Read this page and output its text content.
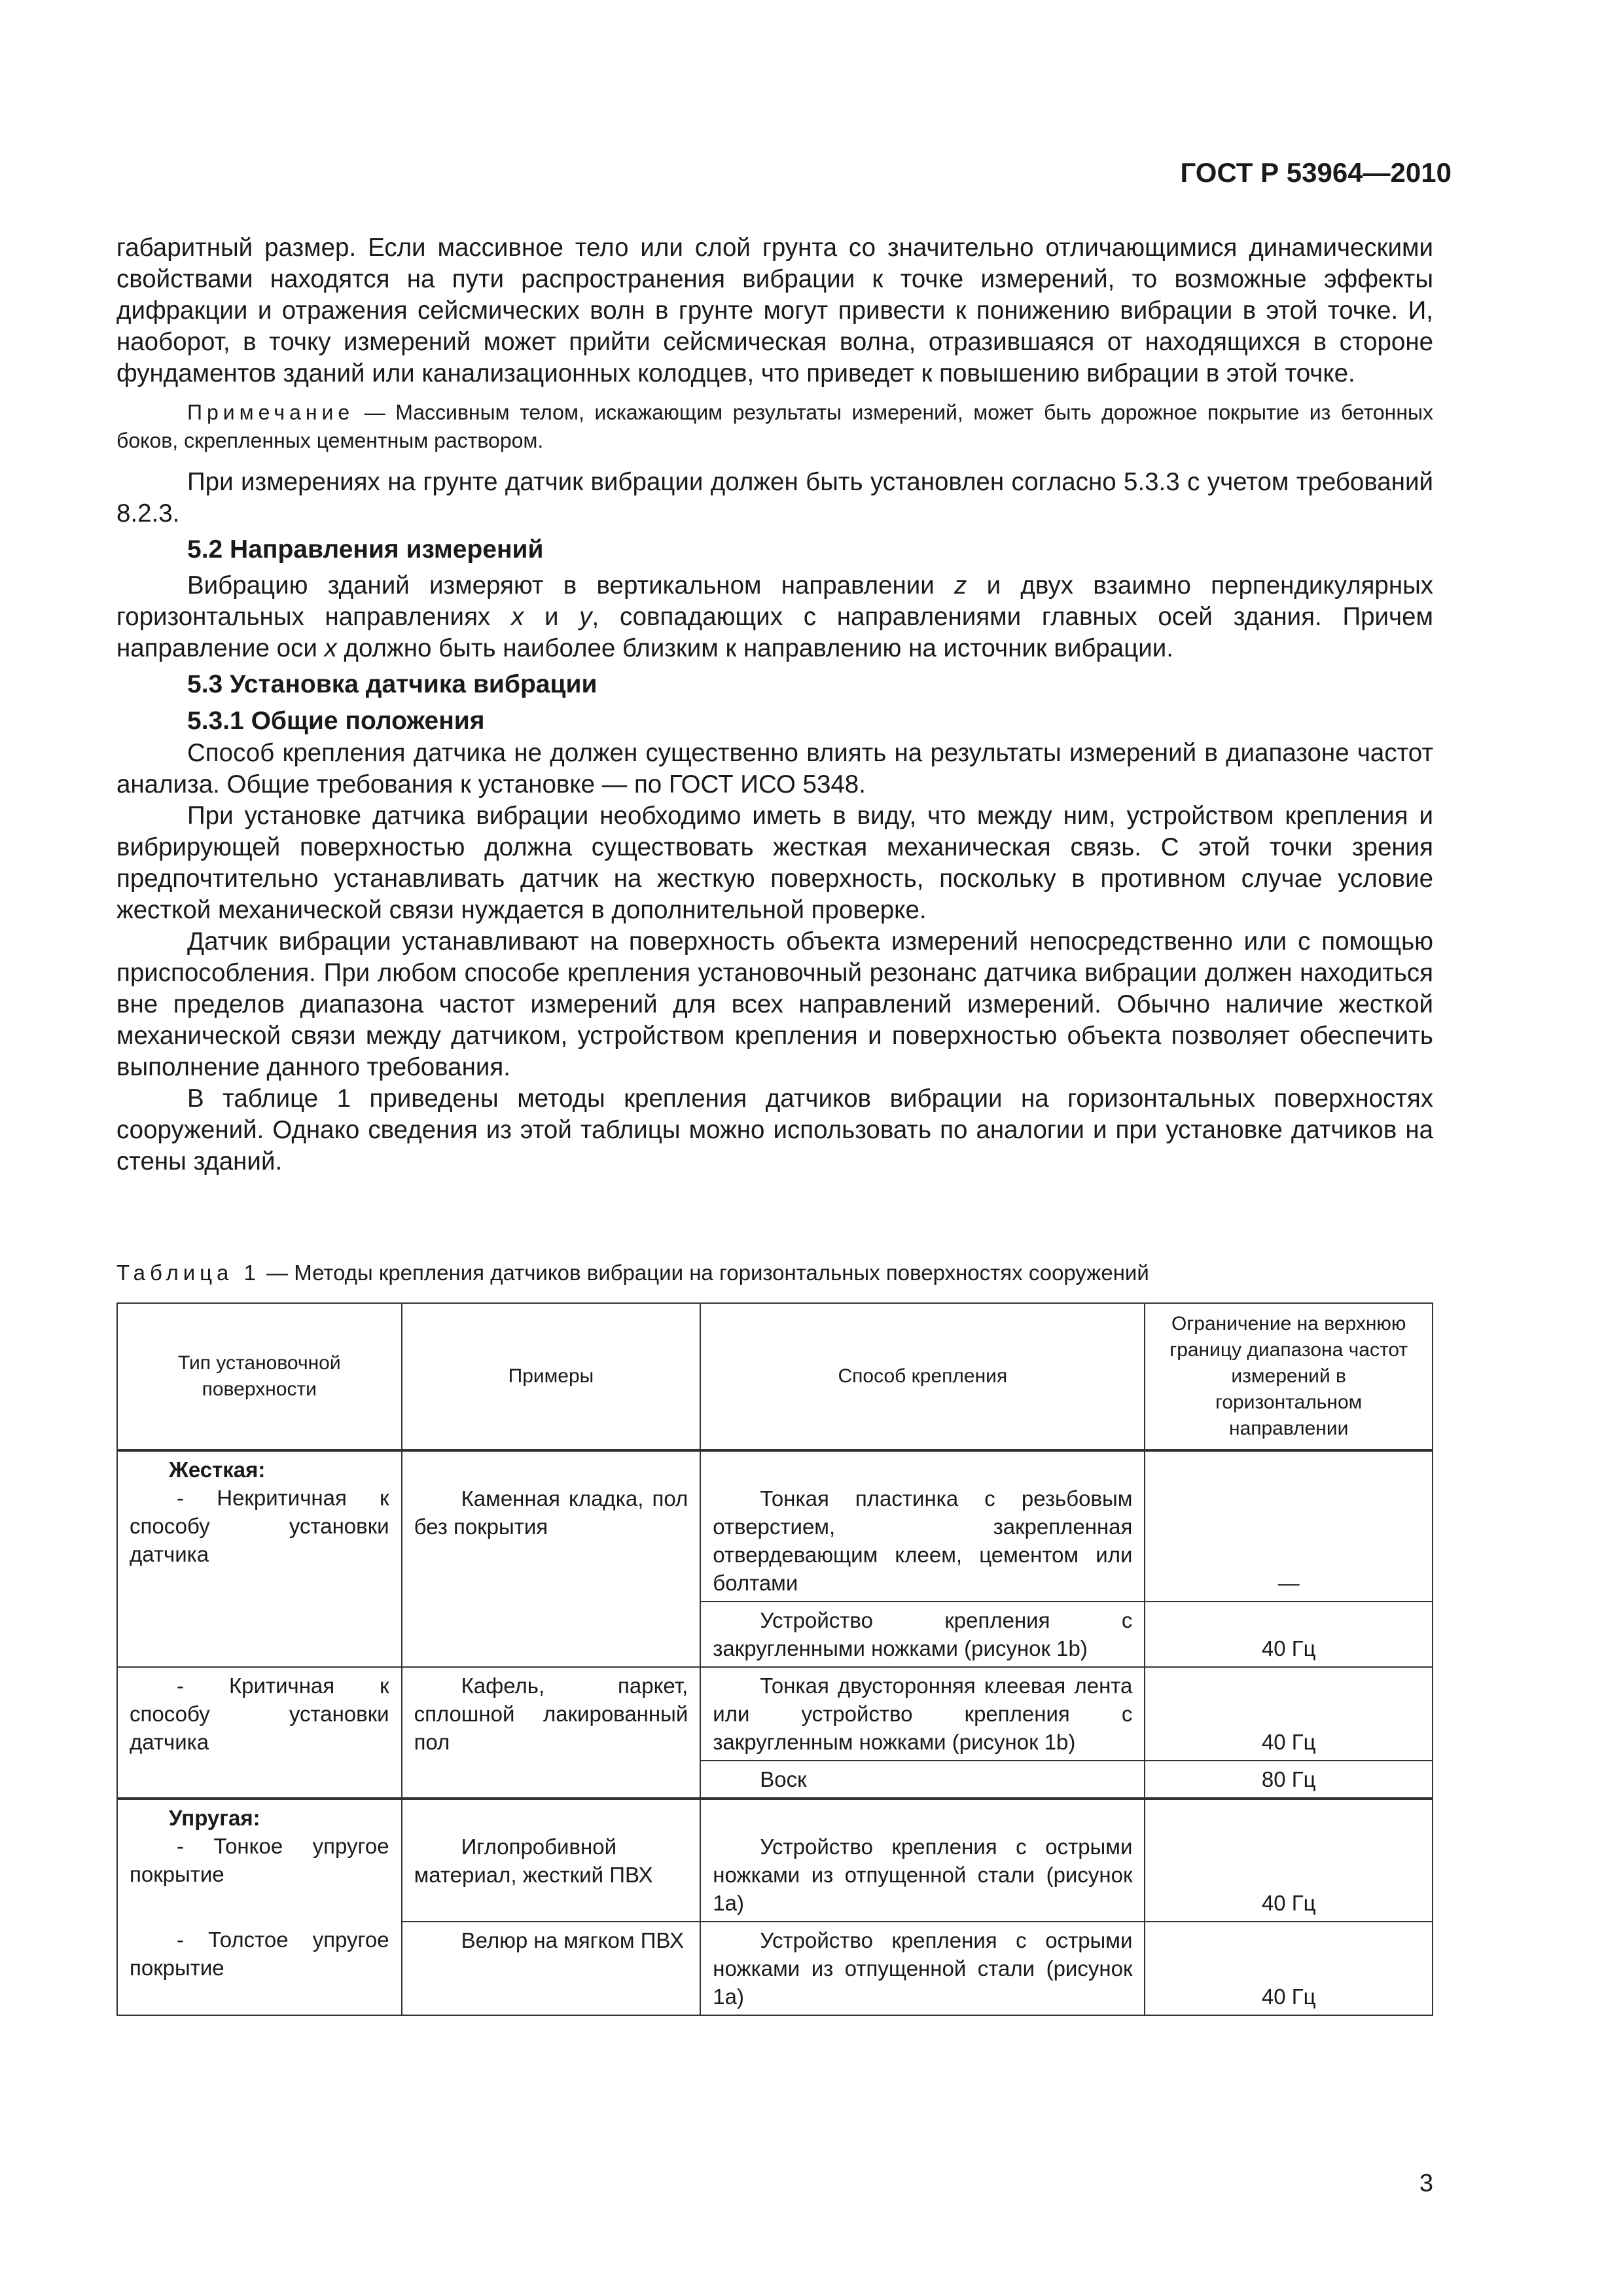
ГОСТ Р 53964—2010

габаритный размер. Если массивное тело или слой грунта со значительно отличающимися динамическими свойствами находятся на пути распространения вибрации к точке измерений, то возможные эффекты дифракции и отражения сейсмических волн в грунте могут привести к понижению вибрации в этой точке. И, наоборот, в точку измерений может прийти сейсмическая волна, отразившаяся от находящихся в стороне фундаментов зданий или канализационных колодцев, что приведет к повышению вибрации в этой точке.

Примечание — Массивным телом, искажающим результаты измерений, может быть дорожное покрытие из бетонных боков, скрепленных цементным раствором.

При измерениях на грунте датчик вибрации должен быть установлен согласно 5.3.3 с учетом требований 8.2.3.

5.2 Направления измерений

Вибрацию зданий измеряют в вертикальном направлении z и двух взаимно перпендикулярных горизонтальных направлениях x и y, совпадающих с направлениями главных осей здания. Причем направление оси x должно быть наиболее близким к направлению на источник вибрации.

5.3 Установка датчика вибрации
5.3.1 Общие положения

Способ крепления датчика не должен существенно влиять на результаты измерений в диапазоне частот анализа. Общие требования к установке — по ГОСТ ИСО 5348.

При установке датчика вибрации необходимо иметь в виду, что между ним, устройством крепления и вибрирующей поверхностью должна существовать жесткая механическая связь. С этой точки зрения предпочтительно устанавливать датчик на жесткую поверхность, поскольку в противном случае условие жесткой механической связи нуждается в дополнительной проверке.

Датчик вибрации устанавливают на поверхность объекта измерений непосредственно или с помощью приспособления. При любом способе крепления установочный резонанс датчика вибрации должен находиться вне пределов диапазона частот измерений для всех направлений измерений. Обычно наличие жесткой механической связи между датчиком, устройством крепления и поверхностью объекта позволяет обеспечить выполнение данного требования.

В таблице 1 приведены методы крепления датчиков вибрации на горизонтальных поверхностях сооружений. Однако сведения из этой таблицы можно использовать по аналогии и при установке датчиков на стены зданий.

Таблица 1 — Методы крепления датчиков вибрации на горизонтальных поверхностях сооружений
Тип установочной поверхности	Примеры	Способ крепления	Ограничение на верхнюю границу диапазона частот измерений в горизонтальном направлении

Жесткая:
- Некритичная к способу установки датчика	Каменная кладка, пол без покрытия	Тонкая пластинка с резьбовым отверстием, закрепленная отвердевающим клеем, цементом или болтами	—
		Устройство крепления с закругленными ножками (рисунок 1b)	40 Гц

- Критичная к способу установки датчика	Кафель, паркет, сплошной лакированный пол	Тонкая двусторонняя клеевая лента или устройство крепления с закругленным ножками (рисунок 1b)	40 Гц
		Воск	80 Гц

Упругая:
- Тонкое упругое покрытие	Иглопробивной материал, жесткий ПВХ	Устройство крепления с острыми ножками из отпущенной стали (рисунок 1а)	40 Гц

- Толстое упругое покрытие	Велюр на мягком ПВХ	Устройство крепления с острыми ножками из отпущенной стали (рисунок 1а)	40 Гц
3
